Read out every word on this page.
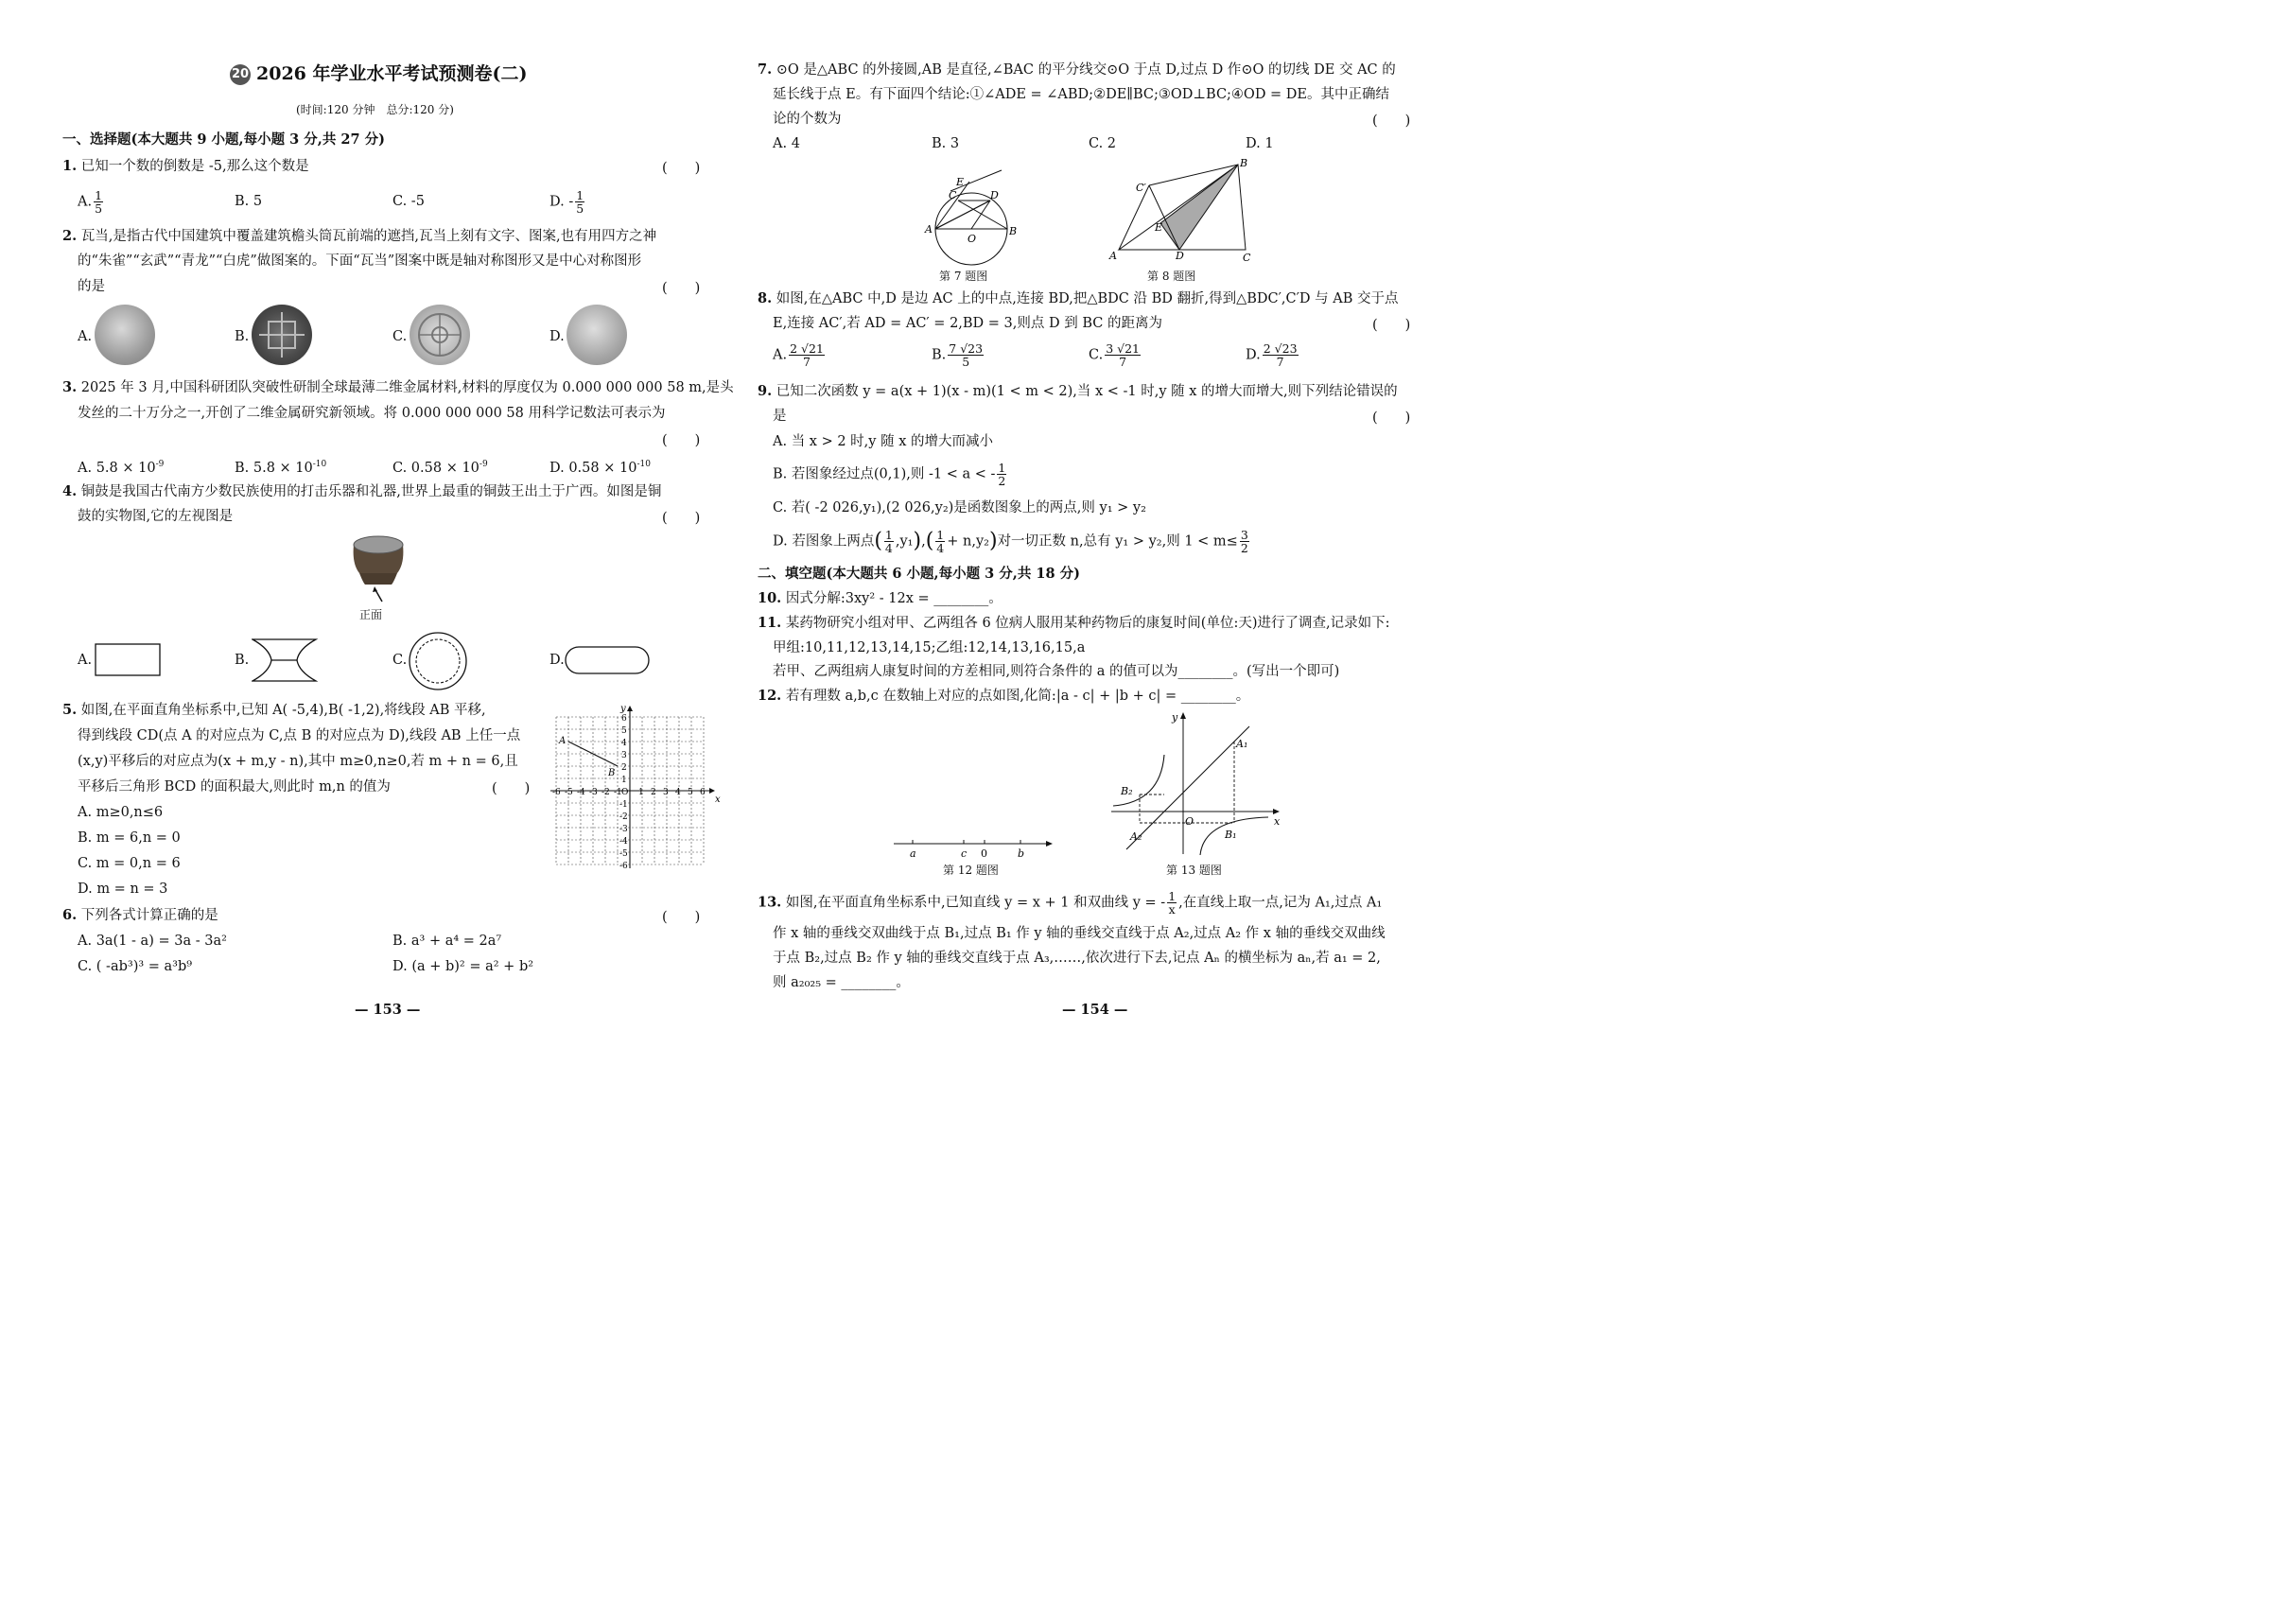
20 2026 年学业水平考试预测卷(二)
(时间:120 分钟　总分:120 分)
一、选择题(本大题共 9 小题,每小题 3 分,共 27 分)
1. 已知一个数的倒数是 -5,那么这个数是	(　　)
A. $\frac{1}{5}$	B. 5	C. -5	D. - $\frac{1}{5}$
2. 瓦当,是指古代中国建筑中覆盖建筑檐头筒瓦前端的遮挡,瓦当上刻有文字、图案,也有用四方之神
的“朱雀”“玄武”“青龙”“白虎”做图案的。下面“瓦当”图案中既是轴对称图形又是中心对称图形
的是	(　　)
A.	B.	C.	D.
3. 2025 年 3 月,中国科研团队突破性研制全球最薄二维金属材料,材料的厚度仅为 0.000 000 000 58 m,是头
发丝的二十万分之一,开创了二维金属研究新领域。将 0.000 000 000 58 用科学记数法可表示为
(　　)
A. $5.8 \times 10^{-9}$	B. $5.8 \times 10^{-10}$	C. $0.58 \times 10^{-9}$	D. $0.58 \times 10^{-10}$
4. 铜鼓是我国古代南方少数民族使用的打击乐器和礼器,世界上最重的铜鼓王出土于广西。如图是铜
鼓的实物图,它的左视图是	(　　)
正面
A.	B.	C.	D.
5. 如图,在平面直角坐标系中,已知 A( -5,4),B( -1,2),将线段 AB 平移,
得到线段 CD(点 A 的对应点为 C,点 B 的对应点为 D),线段 AB 上任一点
(x,y)平移后的对应点为(x + m,y - n),其中 m≥0,n≥0,若 m + n = 6,且
平移后三角形 BCD 的面积最大,则此时 m,n 的值为	(　　)
A. m≥0,n≤6
B. m = 6,n = 0
C. m = 0,n = 6
D. m = n = 3
-6 -5 -4 -3 -2 -1 1 2 3 4 5 6
6
5
4
3
2
1
-1
-2
-3
-4
-5
-6
O
x
y
A
B
6. 下列各式计算正确的是	(　　)
A. 3a(1 - a) = 3a - 3a²	B. a³ + a⁴ = 2a⁷
C. ( -ab³)³ = a³b⁹	D. (a + b)² = a² + b²
— 153 —
7. ⊙O 是△ABC 的外接圆,AB 是直径,∠BAC 的平分线交⊙O 于点 D,过点 D 作⊙O 的切线 DE 交 AC 的
延长线于点 E。有下面四个结论:①∠ADE = ∠ABD;②DE∥BC;③OD⊥BC;④OD = DE。其中正确结
论的个数为	(　　)
A. 4	B. 3	C. 2	D. 1
A	B
C	D
E
O
第 7 题图
B
C′
E
A	D	C
第 8 题图
8. 如图,在△ABC 中,D 是边 AC 上的中点,连接 BD,把△BDC 沿 BD 翻折,得到△BDC′,C′D 与 AB 交于点
E,连接 AC′,若 AD = AC′ = 2,BD = 3,则点 D 到 BC 的距离为	(　　)
A. $\frac{2 √21}{7}$	B. $\frac{7 √23}{5}$	C. $\frac{3 √21}{7}$	D. $\frac{2 √23}{7}$
9. 已知二次函数 y = a(x + 1)(x - m)(1 < m < 2),当 x < -1 时,y 随 x 的增大而增大,则下列结论错误的
是	(　　)
A. 当 x > 2 时,y 随 x 的增大而减小
B. 若图象经过点(0,1),则 -1 < a < - $\frac{1}{2}$
C. 若( -2 026,y₁),(2 026,y₂)是函数图象上的两点,则 y₁ > y₂
D. 若图象上两点( $\frac{1}{4} ,y_1),( \frac{1}{4} + n,y_2)$对一切正数 n,总有 y₁ > y₂,则 $1 < m\le \frac{3}{2}$
二、填空题(本大题共 6 小题,每小题 3 分,共 18 分)
10. 因式分解:3xy² - 12x = ________。
11. 某药物研究小组对甲、乙两组各 6 位病人服用某种药物后的康复时间(单位:天)进行了调查,记录如下:
甲组:10,11,12,13,14,15;乙组:12,14,13,16,15,a
若甲、乙两组病人康复时间的方差相同,则符合条件的 a 的值可以为________。(写出一个即可)
12. 若有理数 a,b,c 在数轴上对应的点如图,化简:|a - c| + |b + c| = ________。
a	c 0	b
第 12 题图
y
x
O
A₁
B₂
A₂	B₁
第 13 题图
13. 如图,在平面直角坐标系中,已知直线 y = x + 1 和双曲线 y = - $\frac{1}{x}$ ,在直线上取一点,记为 A₁,过点 A₁
作 x 轴的垂线交双曲线于点 B₁,过点 B₁ 作 y 轴的垂线交直线于点 A₂,过点 A₂ 作 x 轴的垂线交双曲线
于点 B₂,过点 B₂ 作 y 轴的垂线交直线于点 A₃,……,依次进行下去,记点 Aₙ 的横坐标为 aₙ,若 a₁ = 2,
则 a₂₀₂₅ = ________。
— 154 —
